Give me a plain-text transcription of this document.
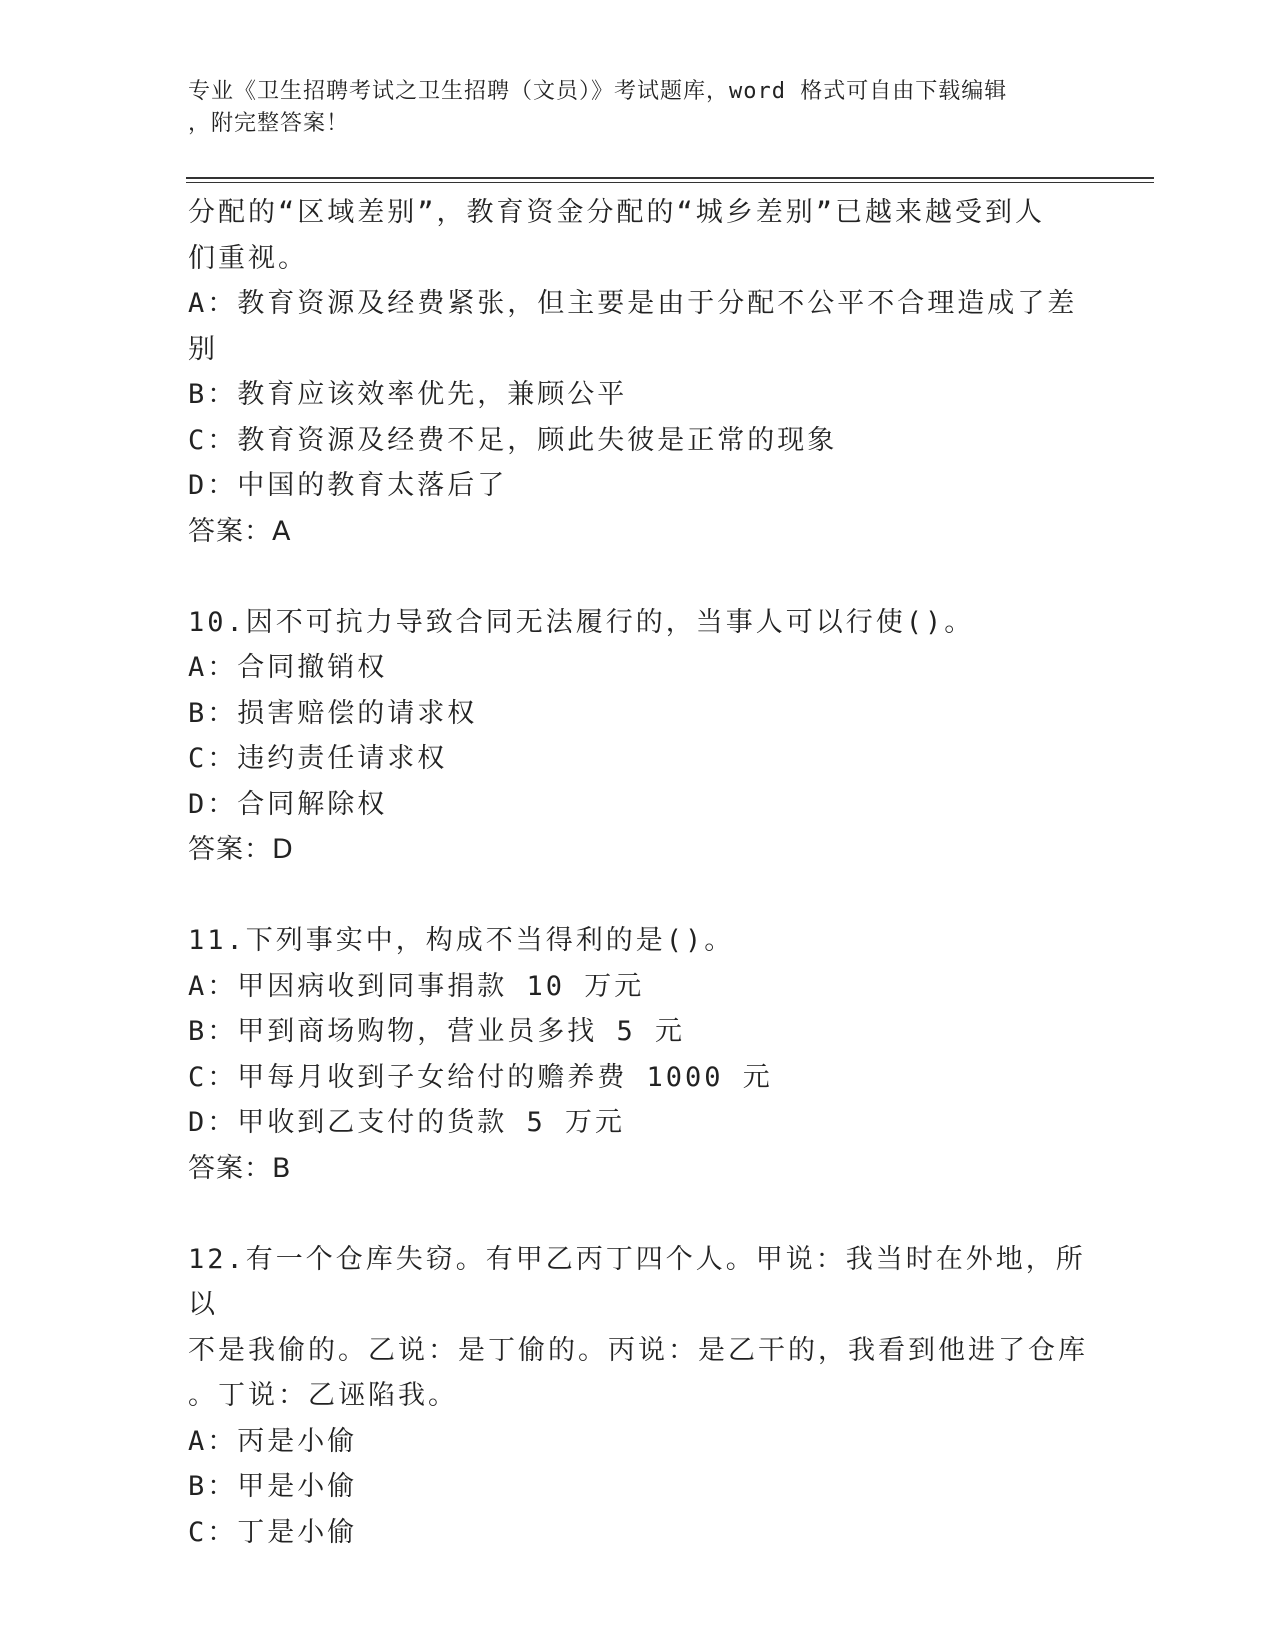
专业《卫生招聘考试之卫生招聘（文员）》考试题库，word 格式可自由下载编辑
，附完整答案！
分配的“区域差别”，教育资金分配的“城乡差别”已越来越受到人
们重视。
A：教育资源及经费紧张，但主要是由于分配不公平不合理造成了差别
B：教育应该效率优先，兼顾公平
C：教育资源及经费不足，顾此失彼是正常的现象
D：中国的教育太落后了
答案：A
10.因不可抗力导致合同无法履行的，当事人可以行使()。
A：合同撤销权
B：损害赔偿的请求权
C：违约责任请求权
D：合同解除权
答案：D
11.下列事实中，构成不当得利的是()。
A：甲因病收到同事捐款 10 万元
B：甲到商场购物，营业员多找 5 元
C：甲每月收到子女给付的赡养费 1000 元
D：甲收到乙支付的货款 5 万元
答案：B
12.有一个仓库失窃。有甲乙丙丁四个人。甲说：我当时在外地，所以
不是我偷的。乙说：是丁偷的。丙说：是乙干的，我看到他进了仓库
。丁说：乙诬陷我。
A：丙是小偷
B：甲是小偷
C：丁是小偷
